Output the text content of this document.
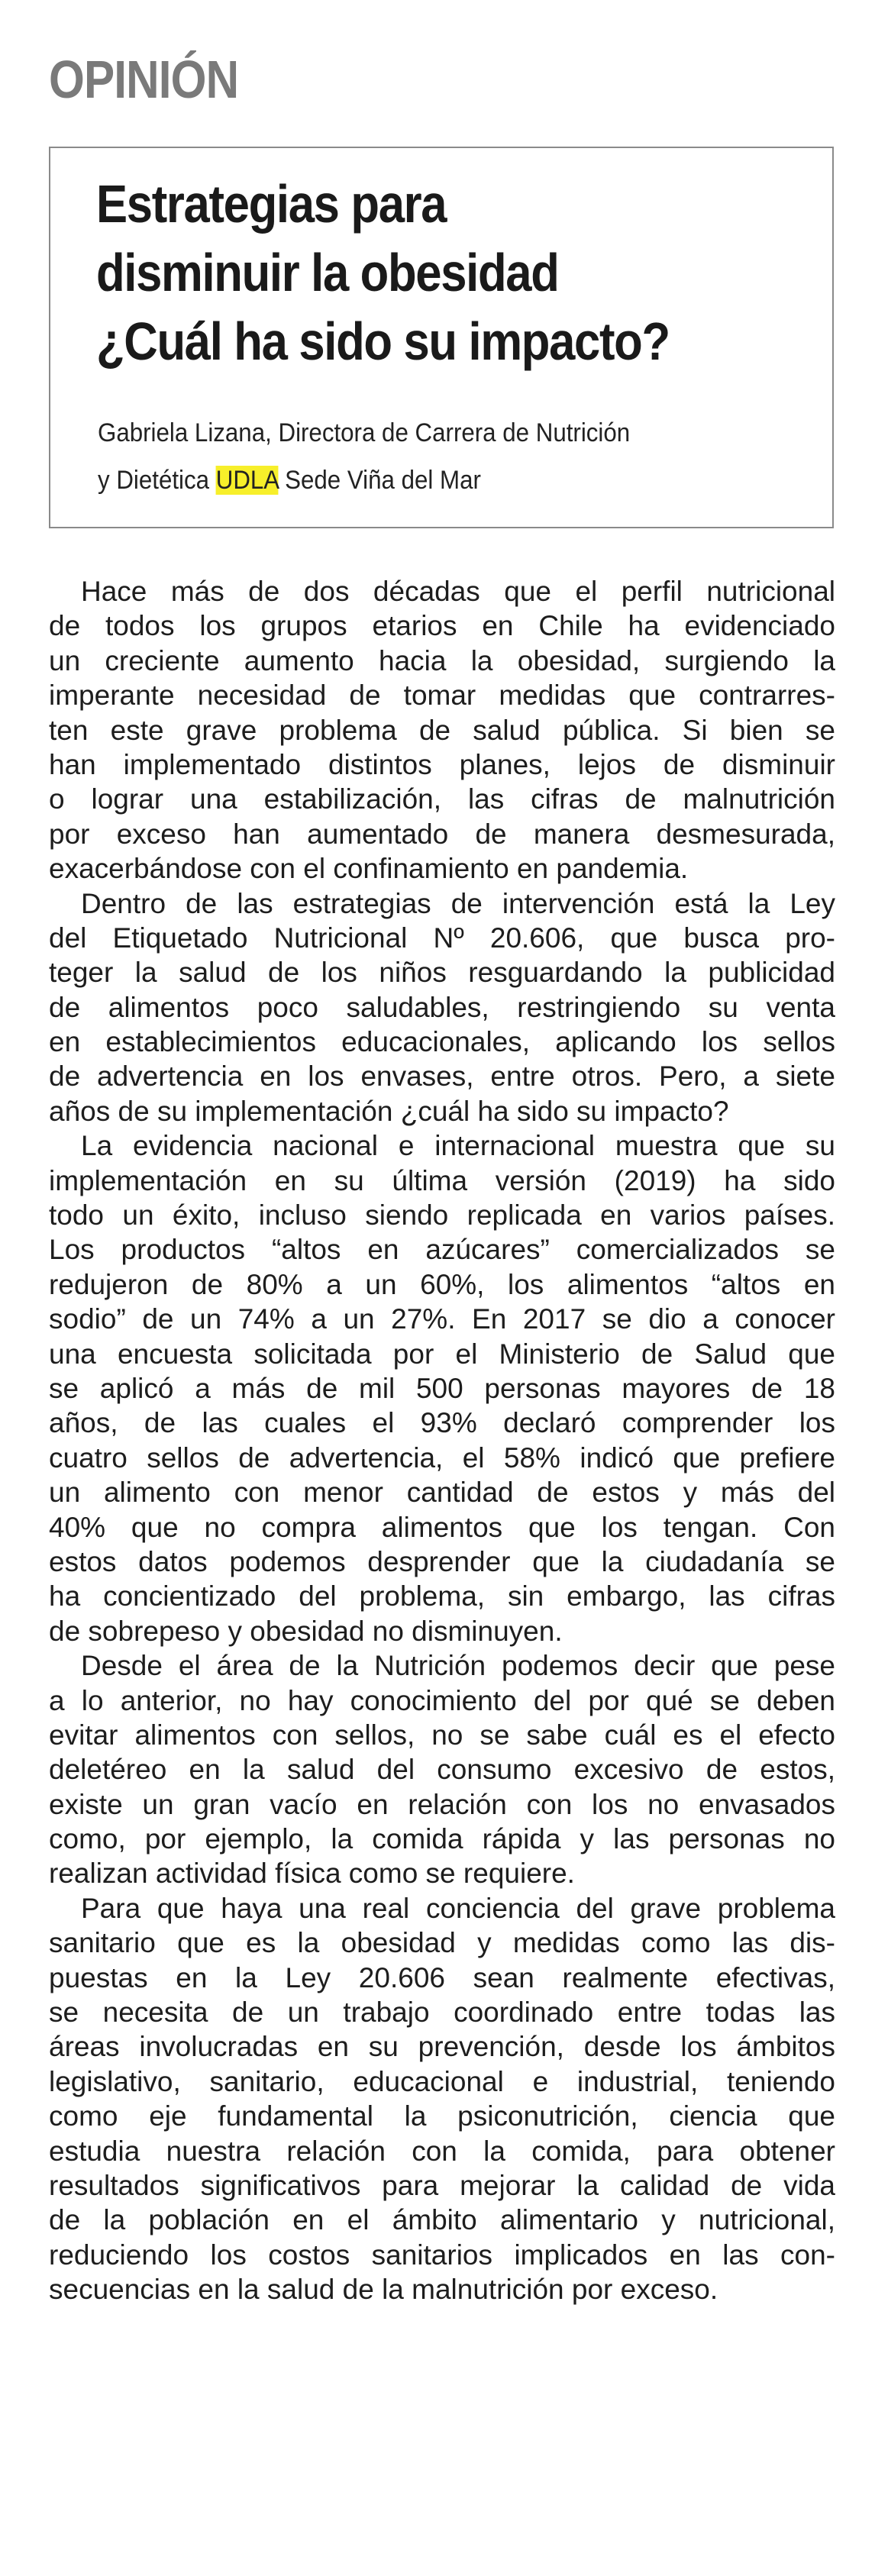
OPINIÓN
Estrategias para
disminuir la obesidad
¿Cuál ha sido su impacto?
Gabriela Lizana, Directora de Carrera de Nutrición
y Dietética UDLA Sede Viña del Mar

Hace más de dos décadas que el perfil nutricional
de todos los grupos etarios en Chile ha evidenciado
un creciente aumento hacia la obesidad, surgiendo la
imperante necesidad de tomar medidas que contrarres-
ten este grave problema de salud pública. Si bien se
han implementado distintos planes, lejos de disminuir
o lograr una estabilización, las cifras de malnutrición
por exceso han aumentado de manera desmesurada,
exacerbándose con el confinamiento en pandemia.

Dentro de las estrategias de intervención está la Ley
del Etiquetado Nutricional Nº 20.606, que busca pro-
teger la salud de los niños resguardando la publicidad
de alimentos poco saludables, restringiendo su venta
en establecimientos educacionales, aplicando los sellos
de advertencia en los envases, entre otros. Pero, a siete
años de su implementación ¿cuál ha sido su impacto?

La evidencia nacional e internacional muestra que su
implementación en su última versión (2019) ha sido
todo un éxito, incluso siendo replicada en varios países.
Los productos “altos en azúcares” comercializados se
redujeron de 80% a un 60%, los alimentos “altos en
sodio” de un 74% a un 27%. En 2017 se dio a conocer
una encuesta solicitada por el Ministerio de Salud que
se aplicó a más de mil 500 personas mayores de 18
años, de las cuales el 93% declaró comprender los
cuatro sellos de advertencia, el 58% indicó que prefiere
un alimento con menor cantidad de estos y más del
40% que no compra alimentos que los tengan. Con
estos datos podemos desprender que la ciudadanía se
ha concientizado del problema, sin embargo, las cifras
de sobrepeso y obesidad no disminuyen.

Desde el área de la Nutrición podemos decir que pese
a lo anterior, no hay conocimiento del por qué se deben
evitar alimentos con sellos, no se sabe cuál es el efecto
deletéreo en la salud del consumo excesivo de estos,
existe un gran vacío en relación con los no envasados
como, por ejemplo, la comida rápida y las personas no
realizan actividad física como se requiere.

Para que haya una real conciencia del grave problema
sanitario que es la obesidad y medidas como las dis-
puestas en la Ley 20.606 sean realmente efectivas,
se necesita de un trabajo coordinado entre todas las
áreas involucradas en su prevención, desde los ámbitos
legislativo, sanitario, educacional e industrial, teniendo
como eje fundamental la psiconutrición, ciencia que
estudia nuestra relación con la comida, para obtener
resultados significativos para mejorar la calidad de vida
de la población en el ámbito alimentario y nutricional,
reduciendo los costos sanitarios implicados en las con-
secuencias en la salud de la malnutrición por exceso.
